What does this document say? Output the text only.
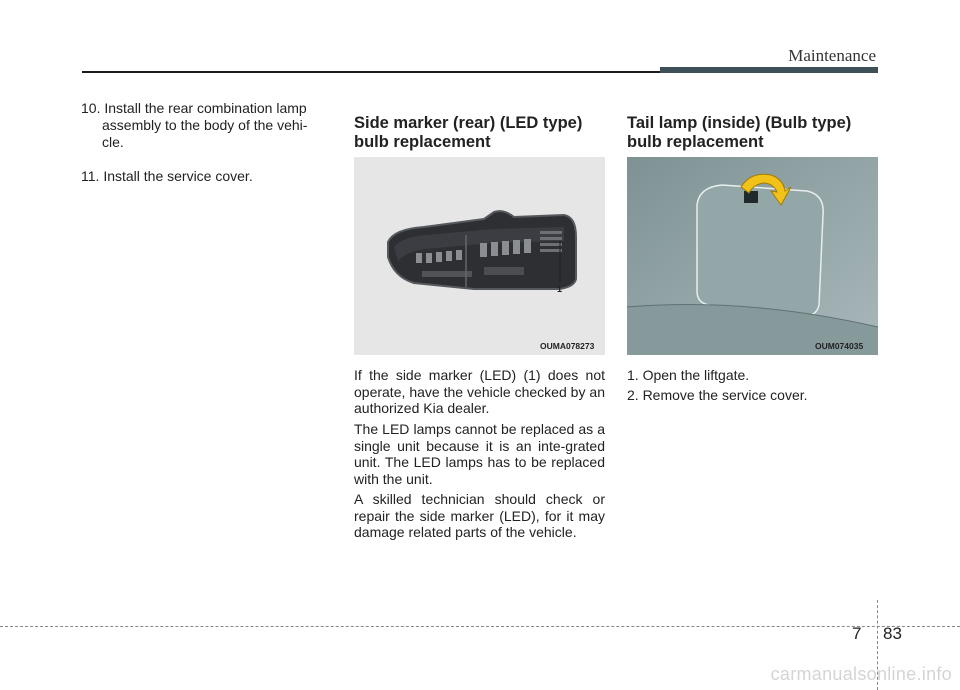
Maintenance
10. Install the rear combination lamp
assembly to the body of the vehi-
cle.
11. Install the service cover.
Side marker (rear) (LED type)
bulb replacement
1
OUMA078273
If the side marker (LED) (1) does not operate, have the vehicle checked by an authorized Kia dealer.
The LED lamps cannot be replaced as a single unit because it is an inte-grated unit. The LED lamps has to be replaced with the unit.
A skilled technician should check or repair the side marker (LED), for it may damage related parts of the vehicle.
Tail lamp (inside) (Bulb type)
bulb replacement
OUM074035
1. Open the liftgate.
2. Remove the service cover.
7 83
carmanualsonline.info
